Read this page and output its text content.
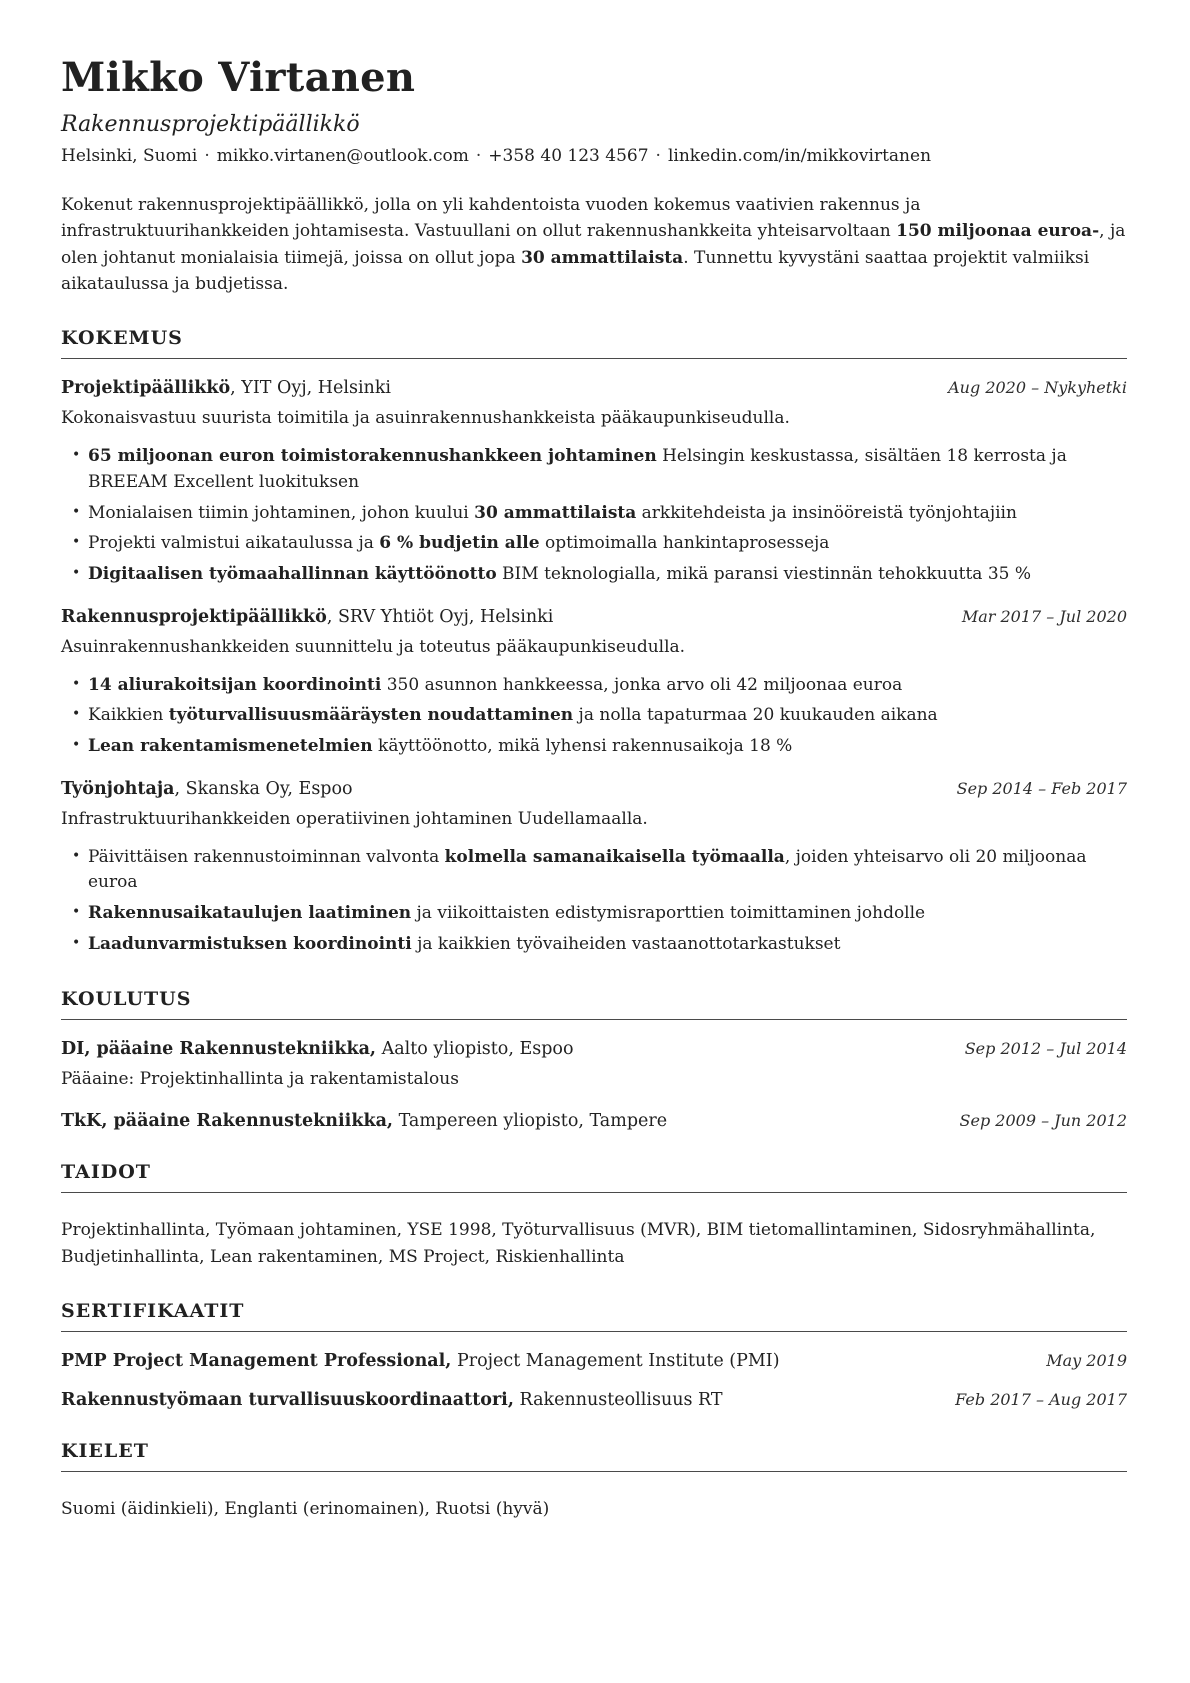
Mikko Virtanen

Rakennusprojektipäällikkö

Helsinki, Suomi · mikko.virtanen@outlook.com · +358 40 123 4567 · linkedin.com/in/mikkovirtanen

Kokenut rakennusprojektipäällikkö, jolla on yli kahdentoista vuoden kokemus vaativien rakennus ja infrastruktuurihankkeiden johtamisesta. Vastuullani on ollut rakennushankkeita yhteisarvoltaan 150 miljoonaa euroa-, ja olen johtanut monialaisia tiimejä, joissa on ollut jopa 30 ammattilaista. Tunnettu kyvystäni saattaa projektit valmiiksi aikataulussa ja budjetissa.

KOKEMUS
Projektipäällikkö, YIT Oyj, Helsinki	Aug 2020 – Nykyhetki

Kokonaisvastuu suurista toimitila ja asuinrakennushankkeista pääkaupunkiseudulla.

• 65 miljoonan euron toimistorakennushankkeen johtaminen Helsingin keskustassa, sisältäen 18 kerrosta ja BREEAM Excellent luokituksen
• Monialaisen tiimin johtaminen, johon kuului 30 ammattilaista arkkitehdeista ja insinööreistä työnjohtajiin
• Projekti valmistui aikataulussa ja 6 % budjetin alle optimoimalla hankintaprosesseja
• Digitaalisen työmaahallinnan käyttöönotto BIM teknologialla, mikä paransi viestinnän tehokkuutta 35 %
Rakennusprojektipäällikkö, SRV Yhtiöt Oyj, Helsinki	Mar 2017 – Jul 2020

Asuinrakennushankkeiden suunnittelu ja toteutus pääkaupunkiseudulla.

• 14 aliurakoitsijan koordinointi 350 asunnon hankkeessa, jonka arvo oli 42 miljoonaa euroa
• Kaikkien työturvallisuusmääräysten noudattaminen ja nolla tapaturmaa 20 kuukauden aikana
• Lean rakentamismenetelmien käyttöönotto, mikä lyhensi rakennusaikoja 18 %
Työnjohtaja, Skanska Oy, Espoo	Sep 2014 – Feb 2017

Infrastruktuurihankkeiden operatiivinen johtaminen Uudellamaalla.

• Päivittäisen rakennustoiminnan valvonta kolmella samanaikaisella työmaalla, joiden yhteisarvo oli 20 miljoonaa euroa
• Rakennusaikataulujen laatiminen ja viikoittaisten edistymisraporttien toimittaminen johdolle
• Laadunvarmistuksen koordinointi ja kaikkien työvaiheiden vastaanottotarkastukset
KOULUTUS
DI, pääaine Rakennustekniikka, Aalto yliopisto, Espoo	Sep 2012 – Jul 2014

Pääaine: Projektinhallinta ja rakentamistalous

TkK, pääaine Rakennustekniikka, Tampereen yliopisto, Tampere	Sep 2009 – Jun 2012
TAIDOT

Projektinhallinta, Työmaan johtaminen, YSE 1998, Työturvallisuus (MVR), BIM tietomallintaminen, Sidosryhmähallinta, Budjetinhallinta, Lean rakentaminen, MS Project, Riskienhallinta

SERTIFIKAATIT
PMP Project Management Professional, Project Management Institute (PMI)	May 2019
Rakennustyömaan turvallisuuskoordinaattori, Rakennusteollisuus RT	Feb 2017 – Aug 2017
KIELET

Suomi (äidinkieli), Englanti (erinomainen), Ruotsi (hyvä)
